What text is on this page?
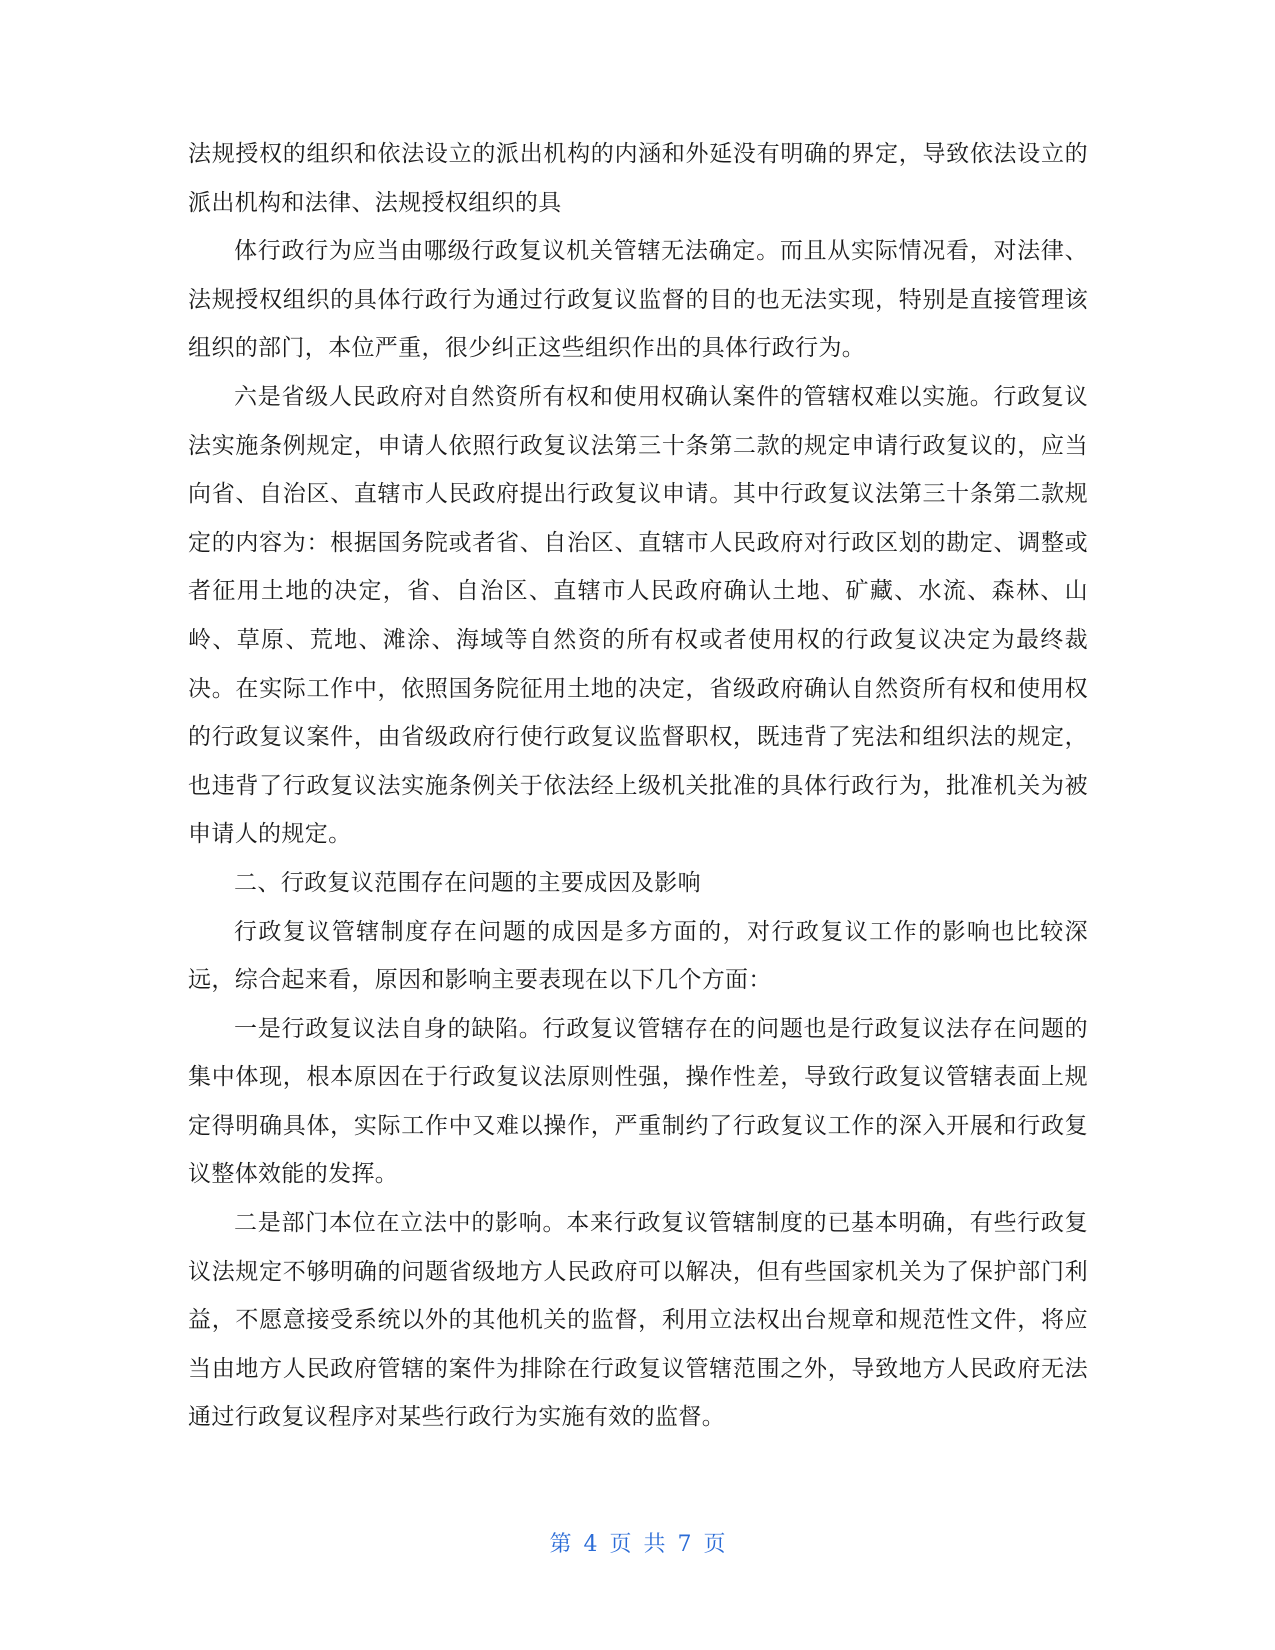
法规授权的组织和依法设立的派出机构的内涵和外延没有明确的界定，导致依法设立的派出机构和法律、法规授权组织的具

体行政行为应当由哪级行政复议机关管辖无法确定。而且从实际情况看，对法律、法规授权组织的具体行政行为通过行政复议监督的目的也无法实现，特别是直接管理该组织的部门，本位严重，很少纠正这些组织作出的具体行政行为。

六是省级人民政府对自然资所有权和使用权确认案件的管辖权难以实施。行政复议法实施条例规定，申请人依照行政复议法第三十条第二款的规定申请行政复议的，应当向省、自治区、直辖市人民政府提出行政复议申请。其中行政复议法第三十条第二款规定的内容为：根据国务院或者省、自治区、直辖市人民政府对行政区划的勘定、调整或者征用土地的决定，省、自治区、直辖市人民政府确认土地、矿藏、水流、森林、山岭、草原、荒地、滩涂、海域等自然资的所有权或者使用权的行政复议决定为最终裁决。在实际工作中，依照国务院征用土地的决定，省级政府确认自然资所有权和使用权的行政复议案件，由省级政府行使行政复议监督职权，既违背了宪法和组织法的规定，也违背了行政复议法实施条例关于依法经上级机关批准的具体行政行为，批准机关为被申请人的规定。

二、行政复议范围存在问题的主要成因及影响

行政复议管辖制度存在问题的成因是多方面的，对行政复议工作的影响也比较深远，综合起来看，原因和影响主要表现在以下几个方面：

一是行政复议法自身的缺陷。行政复议管辖存在的问题也是行政复议法存在问题的集中体现，根本原因在于行政复议法原则性强，操作性差，导致行政复议管辖表面上规定得明确具体，实际工作中又难以操作，严重制约了行政复议工作的深入开展和行政复议整体效能的发挥。

二是部门本位在立法中的影响。本来行政复议管辖制度的已基本明确，有些行政复议法规定不够明确的问题省级地方人民政府可以解决，但有些国家机关为了保护部门利益，不愿意接受系统以外的其他机关的监督，利用立法权出台规章和规范性文件，将应当由地方人民政府管辖的案件为排除在行政复议管辖范围之外，导致地方人民政府无法通过行政复议程序对某些行政行为实施有效的监督。

第 4 页 共 7 页
